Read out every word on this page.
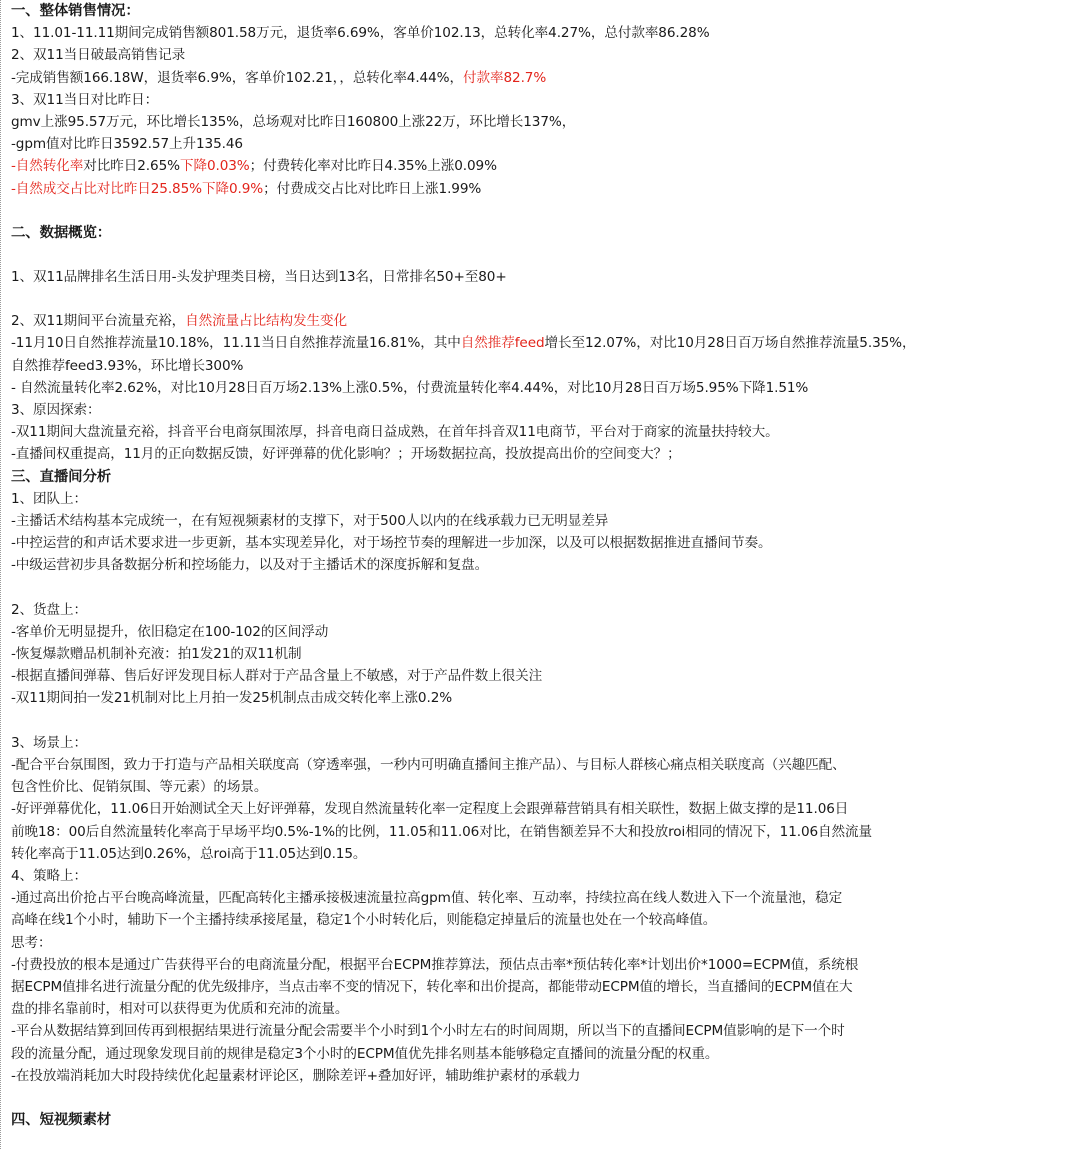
一、整体销售情况：
1、11.01-11.11期间完成销售额801.58万元，退货率6.69%，客单价102.13，总转化率4.27%，总付款率86.28%
2、双11当日破最高销售记录
-完成销售额166.18W，退货率6.9%，客单价102.21，，总转化率4.44%，付款率82.7%
3、双11当日对比昨日：
gmv上涨95.57万元，环比增长135%，总场观对比昨日160800上涨22万，环比增长137%，
-gpm值对比昨日3592.57上升135.46
-自然转化率对比昨日2.65%下降0.03%；付费转化率对比昨日4.35%上涨0.09%
-自然成交占比对比昨日25.85%下降0.9%；付费成交占比对比昨日上涨1.99%
二、数据概览：
1、双11品牌排名生活日用-头发护理类目榜，当日达到13名，日常排名50+至80+
2、双11期间平台流量充裕，自然流量占比结构发生变化
-11月10日自然推荐流量10.18%，11.11当日自然推荐流量16.81%，其中自然推荐feed增长至12.07%，对比10月28日百万场自然推荐流量5.35%，
自然推荐feed3.93%，环比增长300%
- 自然流量转化率2.62%，对比10月28日百万场2.13%上涨0.5%，付费流量转化率4.44%，对比10月28日百万场5.95%下降1.51%
3、原因探索：
-双11期间大盘流量充裕，抖音平台电商氛围浓厚，抖音电商日益成熟，在首年抖音双11电商节，平台对于商家的流量扶持较大。
-直播间权重提高，11月的正向数据反馈，好评弹幕的优化影响？；开场数据拉高，投放提高出价的空间变大？；
三、直播间分析
1、团队上：
-主播话术结构基本完成统一，在有短视频素材的支撑下，对于500人以内的在线承载力已无明显差异
-中控运营的和声话术要求进一步更新，基本实现差异化，对于场控节奏的理解进一步加深，以及可以根据数据推进直播间节奏。
-中级运营初步具备数据分析和控场能力，以及对于主播话术的深度拆解和复盘。
2、货盘上：
-客单价无明显提升，依旧稳定在100-102的区间浮动
-恢复爆款赠品机制补充液：拍1发21的双11机制
-根据直播间弹幕、售后好评发现目标人群对于产品含量上不敏感，对于产品件数上很关注
-双11期间拍一发21机制对比上月拍一发25机制点击成交转化率上涨0.2%
3、场景上：
-配合平台氛围图，致力于打造与产品相关联度高（穿透率强，一秒内可明确直播间主推产品）、与目标人群核心痛点相关联度高（兴趣匹配、
包含性价比、促销氛围、等元素）的场景。
-好评弹幕优化，11.06日开始测试全天上好评弹幕，发现自然流量转化率一定程度上会跟弹幕营销具有相关联性，数据上做支撑的是11.06日
前晚18：00后自然流量转化率高于早场平均0.5%-1%的比例，11.05和11.06对比，在销售额差异不大和投放roi相同的情况下，11.06自然流量
转化率高于11.05达到0.26%，总roi高于11.05达到0.15。
4、策略上：
-通过高出价抢占平台晚高峰流量，匹配高转化主播承接极速流量拉高gpm值、转化率、互动率，持续拉高在线人数进入下一个流量池，稳定
高峰在线1个小时，辅助下一个主播持续承接尾量，稳定1个小时转化后，则能稳定掉量后的流量也处在一个较高峰值。
思考：
-付费投放的根本是通过广告获得平台的电商流量分配，根据平台ECPM推荐算法，预估点击率*预估转化率*计划出价*1000=ECPM值，系统根
据ECPM值排名进行流量分配的优先级排序，当点击率不变的情况下，转化率和出价提高，都能带动ECPM值的增长，当直播间的ECPM值在大
盘的排名靠前时，相对可以获得更为优质和充沛的流量。
-平台从数据结算到回传再到根据结果进行流量分配会需要半个小时到1个小时左右的时间周期，所以当下的直播间ECPM值影响的是下一个时
段的流量分配，通过现象发现目前的规律是稳定3个小时的ECPM值优先排名则基本能够稳定直播间的流量分配的权重。
-在投放端消耗加大时段持续优化起量素材评论区，删除差评+叠加好评，辅助维护素材的承载力
四、短视频素材
